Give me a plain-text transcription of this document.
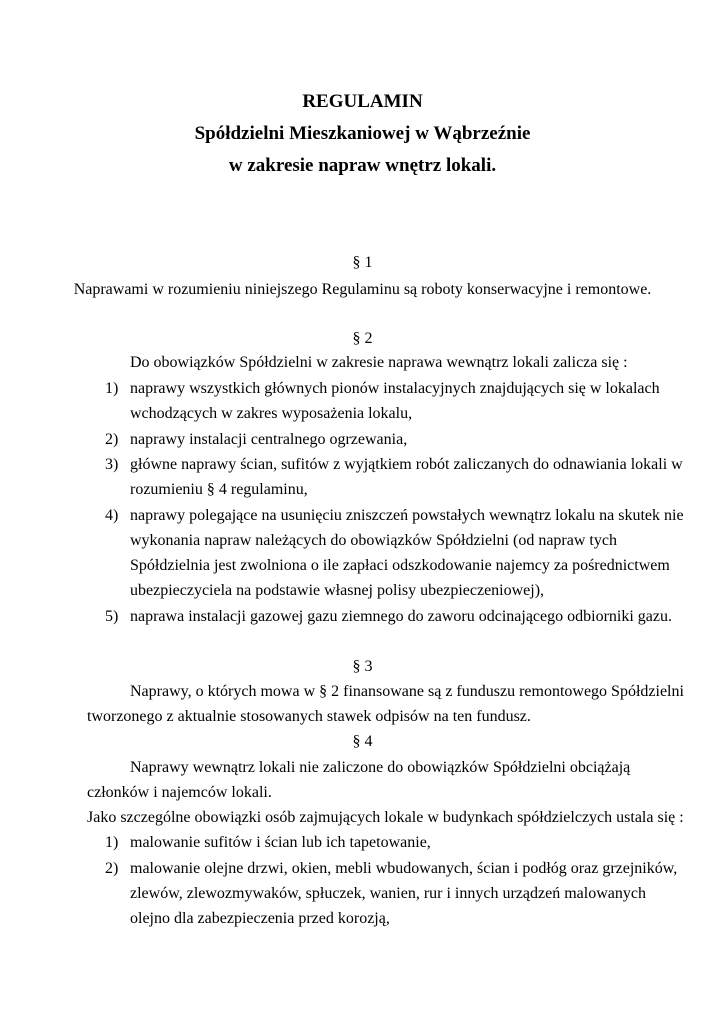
REGULAMIN
Spółdzielni Mieszkaniowej w Wąbrzeźnie
w zakresie napraw wnętrz lokali.
§ 1
Naprawami w rozumieniu niniejszego Regulaminu są roboty konserwacyjne i remontowe.
§ 2
Do obowiązków Spółdzielni w zakresie naprawa wewnątrz lokali zalicza się :
1) naprawy wszystkich głównych pionów instalacyjnych znajdujących się w lokalach
wchodzących w zakres wyposażenia lokalu,
2) naprawy instalacji centralnego ogrzewania,
3) główne naprawy ścian, sufitów z wyjątkiem robót zaliczanych do odnawiania lokali w
rozumieniu § 4 regulaminu,
4) naprawy polegające na usunięciu zniszczeń powstałych wewnątrz lokalu na skutek nie
wykonania napraw należących do obowiązków Spółdzielni (od napraw tych
Spółdzielnia jest zwolniona o ile zapłaci odszkodowanie najemcy za pośrednictwem
ubezpieczyciela na podstawie własnej polisy ubezpieczeniowej),
5) naprawa instalacji gazowej gazu ziemnego do zaworu odcinającego odbiorniki gazu.
§ 3
Naprawy, o których mowa w § 2 finansowane są z funduszu remontowego Spółdzielni
tworzonego z aktualnie stosowanych stawek odpisów na ten fundusz.
§ 4
Naprawy wewnątrz lokali nie zaliczone do obowiązków Spółdzielni obciążają
członków i najemców lokali.
Jako szczególne obowiązki osób zajmujących lokale w budynkach spółdzielczych ustala się :
1) malowanie sufitów i ścian lub ich tapetowanie,
2) malowanie olejne drzwi, okien, mebli wbudowanych, ścian i podłóg oraz grzejników,
zlewów, zlewozmywaków, spłuczek, wanien, rur i innych urządzeń malowanych
olejno dla zabezpieczenia przed korozją,
